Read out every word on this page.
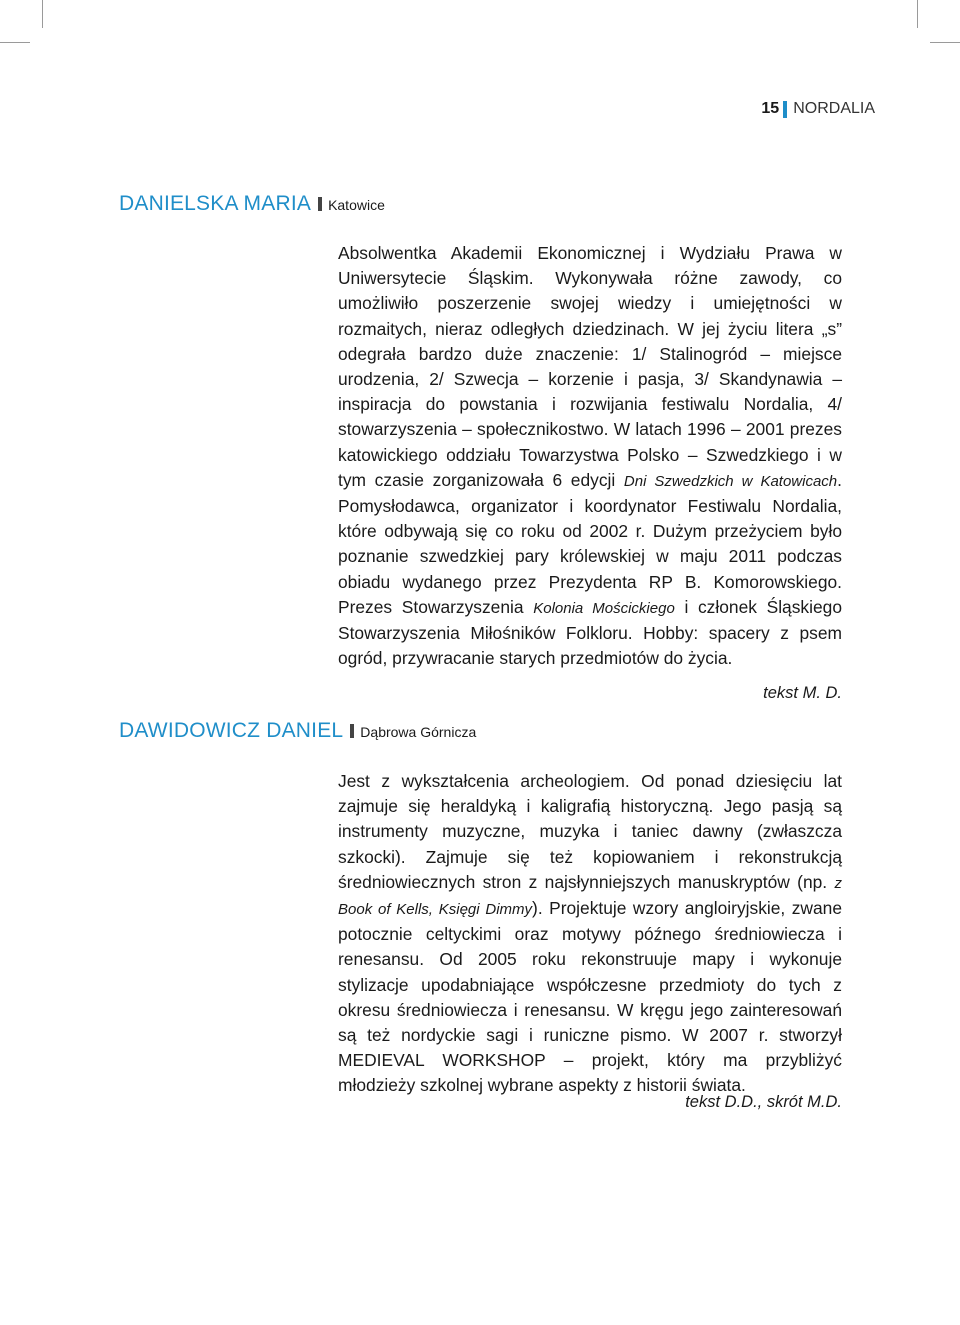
15 NORDALIA
DANIELSKA MARIA Katowice

Absolwentka Akademii Ekonomicznej i Wydziału Prawa w Uniwersytecie Śląskim. Wykonywała różne zawody, co umożliwiło poszerzenie swojej wiedzy i umiejętności w rozmaitych, nieraz odległych dziedzinach. W jej życiu litera „s” odegrała bardzo duże znaczenie: 1/ Stalinogród – miejsce urodzenia, 2/ Szwecja – korzenie i pasja, 3/ Skandynawia – inspiracja do powstania i rozwijania festiwalu Nordalia, 4/ stowarzyszenia – społecznikostwo. W latach 1996 – 2001 prezes katowickiego oddziału Towarzystwa Polsko – Szwedzkiego i w tym czasie zorganizowała 6 edycji Dni Szwedzkich w Katowicach. Pomysłodawca, organizator i koordynator Festiwalu Nordalia, które odbywają się co roku od 2002 r. Dużym przeżyciem było poznanie szwedzkiej pary królewskiej w maju 2011 podczas obiadu wydanego przez Prezydenta RP B. Komorowskiego. Prezes Stowarzyszenia Kolonia Mościckiego i członek Śląskiego Stowarzyszenia Miłośników Folkloru. Hobby: spacery z psem ogród, przywracanie starych przedmiotów do życia.

tekst M. D.
DAWIDOWICZ DANIEL Dąbrowa Górnicza

Jest z wykształcenia archeologiem. Od ponad dziesięciu lat zajmuje się heraldyką i kaligrafią historyczną. Jego pasją są instrumenty muzyczne, muzyka i taniec dawny (zwłaszcza szkocki). Zajmuje się też kopiowaniem i rekonstrukcją średniowiecznych stron z najsłynniejszych manuskryptów (np. z Book of Kells, Księgi Dimmy). Projektuje wzory angloiryjskie, zwane potocznie celtyckimi oraz motywy późnego średniowiecza i renesansu. Od 2005 roku rekonstruuje mapy i wykonuje stylizacje upodabniające współczesne przedmioty do tych z okresu średniowiecza i renesansu. W kręgu jego zainteresowań są też nordyckie sagi i runiczne pismo. W 2007 r. stworzył MEDIEVAL WORKSHOP – projekt, który ma przybliżyć młodzieży szkolnej wybrane aspekty z historii świata.

tekst D.D., skrót M.D.
